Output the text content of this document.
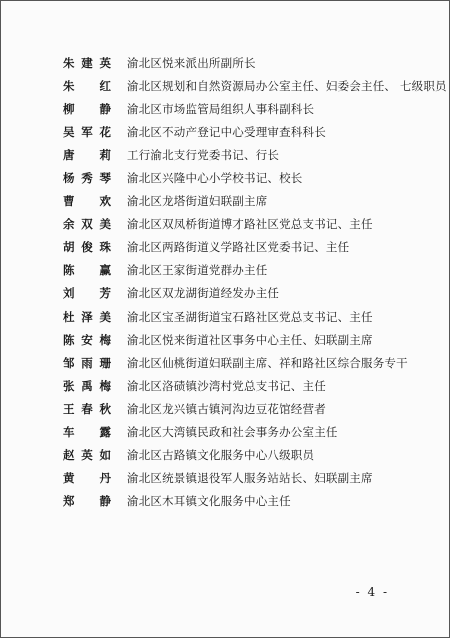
朱建英 渝北区悦来派出所副所长
朱 红 渝北区规划和自然资源局办公室主任、妇委会主任、 七级职员
柳 静 渝北区市场监管局组织人事科副科长
吴军花 渝北区不动产登记中心受理审查科科长
唐 莉 工行渝北支行党委书记、行长
杨秀琴 渝北区兴隆中心小学校书记、校长
曹 欢 渝北区龙塔街道妇联副主席
余双美 渝北区双凤桥街道博才路社区党总支书记、主任
胡俊珠 渝北区两路街道义学路社区党委书记、主任
陈 赢 渝北区王家街道党群办主任
刘 芳 渝北区双龙湖街道经发办主任
杜泽美 渝北区宝圣湖街道宝石路社区党总支书记、主任
陈安梅 渝北区悦来街道社区事务中心主任、妇联副主席
邹雨珊 渝北区仙桃街道妇联副主席、祥和路社区综合服务专干
张禹梅 渝北区洛碛镇沙湾村党总支书记、主任
王春秋 渝北区龙兴镇古镇河沟边豆花馆经营者
车 露 渝北区大湾镇民政和社会事务办公室主任
赵英如 渝北区古路镇文化服务中心八级职员
黄 丹 渝北区统景镇退役军人服务站站长、妇联副主席
郑 静 渝北区木耳镇文化服务中心主任
- 4 -
